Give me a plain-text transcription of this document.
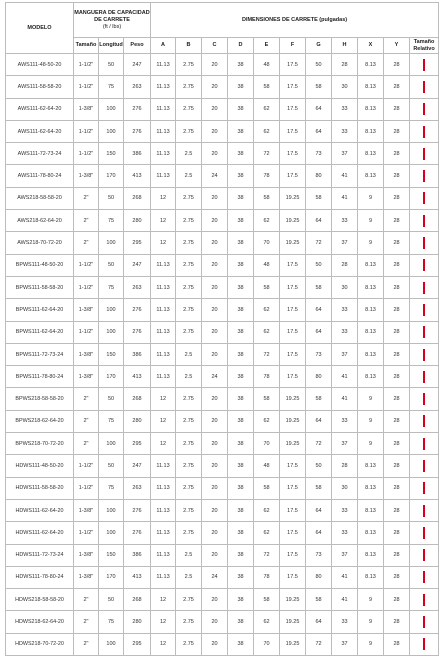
MODELO	MANGUERA DE CAPACIDAD DE CARRETE
(ft / lbs)			DIMENSIONES DE CARRETE (pulgadas)										
	Tamaño	Longitud	Peso	A	B	C	D	E	F	G	H	X	Y	Tamaño Relativo
AWS111-48-50-20	1-1/2"	50	247	11.13	2.75	20	38	48	17.5	50	28	8.13	28	
AWS111-58-58-20	1-1/2"	75	263	11.13	2.75	20	38	58	17.5	58	30	8.13	28	
AWS111-62-64-20	1-3/8"	100	276	11.13	2.75	20	38	62	17.5	64	33	8.13	28	
AWS111-62-64-20	1-1/2"	100	276	11.13	2.75	20	38	62	17.5	64	33	8.13	28	
AWS111-72-73-24	1-1/2"	150	386	11.13	2.5	20	38	72	17.5	73	37	8.13	28	
AWS111-78-80-24	1-3/8"	170	413	11.13	2.5	24	38	78	17.5	80	41	8.13	28	
AWS218-58-58-20	2"	50	268	12	2.75	20	38	58	19.25	58	41	9	28	
AWS218-62-64-20	2"	75	280	12	2.75	20	38	62	19.25	64	33	9	28	
AWS218-70-72-20	2"	100	295	12	2.75	20	38	70	19.25	72	37	9	28	
BPWS111-48-50-20	1-1/2"	50	247	11.13	2.75	20	38	48	17.5	50	28	8.13	28	
BPWS111-58-58-20	1-1/2"	75	263	11.13	2.75	20	38	58	17.5	58	30	8.13	28	
BPWS111-62-64-20	1-3/8"	100	276	11.13	2.75	20	38	62	17.5	64	33	8.13	28	
BPWS111-62-64-20	1-1/2"	100	276	11.13	2.75	20	38	62	17.5	64	33	8.13	28	
BPWS111-72-73-24	1-3/8"	150	386	11.13	2.5	20	38	72	17.5	73	37	8.13	28	
BPWS111-78-80-24	1-3/8"	170	413	11.13	2.5	24	38	78	17.5	80	41	8.13	28	
BPWS218-58-58-20	2"	50	268	12	2.75	20	38	58	19.25	58	41	9	28	
BPWS218-62-64-20	2"	75	280	12	2.75	20	38	62	19.25	64	33	9	28	
BPWS218-70-72-20	2"	100	295	12	2.75	20	38	70	19.25	72	37	9	28	
HDWS111-48-50-20	1-1/2"	50	247	11.13	2.75	20	38	48	17.5	50	28	8.13	28	
HDWS111-58-58-20	1-1/2"	75	263	11.13	2.75	20	38	58	17.5	58	30	8.13	28	
HDWS111-62-64-20	1-3/8"	100	276	11.13	2.75	20	38	62	17.5	64	33	8.13	28	
HDWS111-62-64-20	1-1/2"	100	276	11.13	2.75	20	38	62	17.5	64	33	8.13	28	
HDWS111-72-73-24	1-3/8"	150	386	11.13	2.5	20	38	72	17.5	73	37	8.13	28	
HDWS111-78-80-24	1-3/8"	170	413	11.13	2.5	24	38	78	17.5	80	41	8.13	28	
HDWS218-58-58-20	2"	50	268	12	2.75	20	38	58	19.25	58	41	9	28	
HDWS218-62-64-20	2"	75	280	12	2.75	20	38	62	19.25	64	33	9	28	
HDWS218-70-72-20	2"	100	295	12	2.75	20	38	70	19.25	72	37	9	28	
